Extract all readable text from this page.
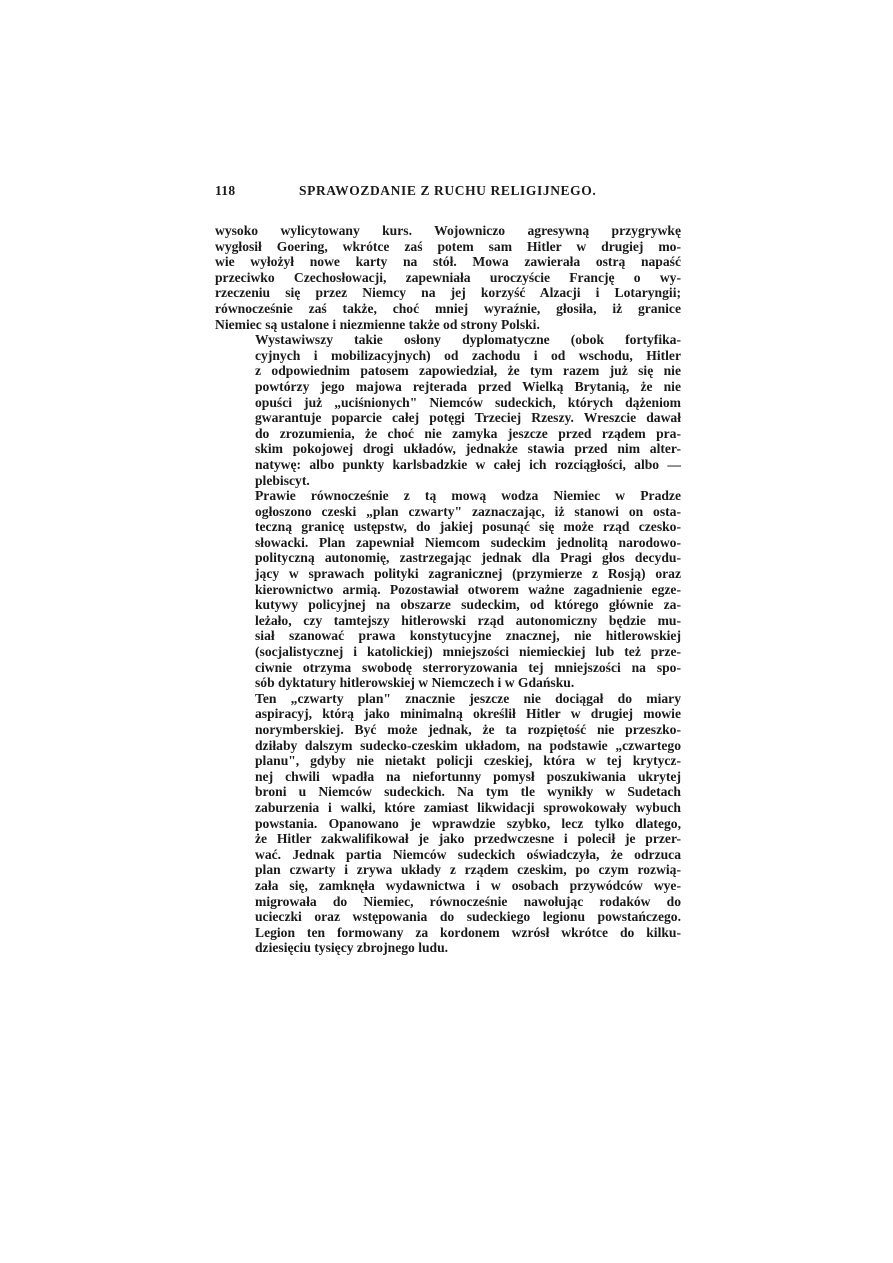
118	SPRAWOZDANIE Z RUCHU RELIGIJNEGO.
wysoko wylicytowany kurs. Wojowniczo agresywną przygrywkę
wygłosił Goering, wkrótce zaś potem sam Hitler w drugiej mo-
wie wyłożył nowe karty na stół. Mowa zawierała ostrą napaść
przeciwko Czechosłowacji, zapewniała uroczyście Francję o wy-
rzeczeniu się przez Niemcy na jej korzyść Alzacji i Lotaryngii;
równocześnie zaś także, choć mniej wyraźnie, głosiła, iż granice
Niemiec są ustalone i niezmienne także od strony Polski.
Wystawiwszy takie osłony dyplomatyczne (obok fortyfika-
cyjnych i mobilizacyjnych) od zachodu i od wschodu, Hitler
z odpowiednim patosem zapowiedział, że tym razem już się nie
powtórzy jego majowa rejterada przed Wielką Brytanią, że nie
opuści już „uciśnionych" Niemców sudeckich, których dążeniom
gwarantuje poparcie całej potęgi Trzeciej Rzeszy. Wreszcie dawał
do zrozumienia, że choć nie zamyka jeszcze przed rządem pra-
skim pokojowej drogi układów, jednakże stawia przed nim alter-
natywę: albo punkty karlsbadzkie w całej ich rozciągłości, albo —
plebiscyt.
Prawie równocześnie z tą mową wodza Niemiec w Pradze
ogłoszono czeski „plan czwarty" zaznaczając, iż stanowi on osta-
teczną granicę ustępstw, do jakiej posunąć się może rząd czesko-
słowacki. Plan zapewniał Niemcom sudeckim jednolitą narodowo-
polityczną autonomię, zastrzegając jednak dla Pragi głos decydu-
jący w sprawach polityki zagranicznej (przymierze z Rosją) oraz
kierownictwo armią. Pozostawiał otworem ważne zagadnienie egze-
kutywy policyjnej na obszarze sudeckim, od którego głównie za-
leżało, czy tamtejszy hitlerowski rząd autonomiczny będzie mu-
siał szanować prawa konstytucyjne znacznej, nie hitlerowskiej
(socjalistycznej i katolickiej) mniejszości niemieckiej lub też prze-
ciwnie otrzyma swobodę sterroryzowania tej mniejszości na spo-
sób dyktatury hitlerowskiej w Niemczech i w Gdańsku.
Ten „czwarty plan" znacznie jeszcze nie dociągał do miary
aspiracyj, którą jako minimalną określił Hitler w drugiej mowie
norymberskiej. Być może jednak, że ta rozpiętość nie przeszko-
dziłaby dalszym sudecko-czeskim układom, na podstawie „czwartego
planu", gdyby nie nietakt policji czeskiej, która w tej krytycz-
nej chwili wpadła na niefortunny pomysł poszukiwania ukrytej
broni u Niemców sudeckich. Na tym tle wynikły w Sudetach
zaburzenia i walki, które zamiast likwidacji sprowokowały wybuch
powstania. Opanowano je wprawdzie szybko, lecz tylko dlatego,
że Hitler zakwalifikował je jako przedwczesne i polecił je przer-
wać. Jednak partia Niemców sudeckich oświadczyła, że odrzuca
plan czwarty i zrywa układy z rządem czeskim, po czym rozwią-
zała się, zamknęła wydawnictwa i w osobach przywódców wye-
migrowała do Niemiec, równocześnie nawołując rodaków do
ucieczki oraz wstępowania do sudeckiego legionu powstańczego.
Legion ten formowany za kordonem wzrósł wkrótce do kilku-
dziesięciu tysięcy zbrojnego ludu.
